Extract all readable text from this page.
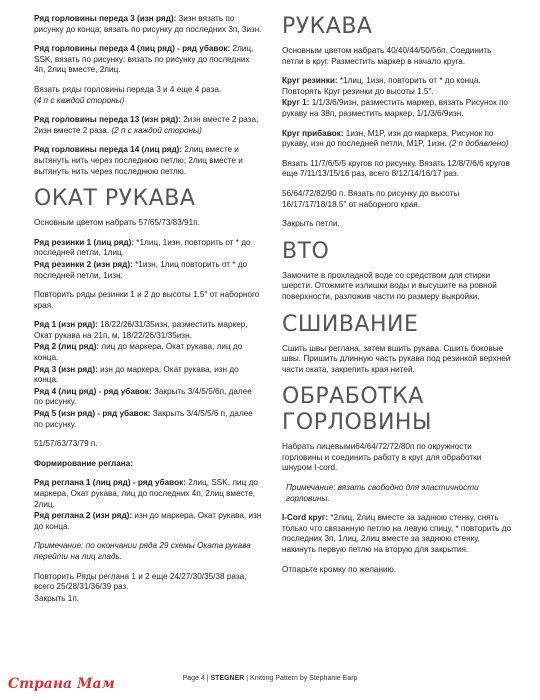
Ряд горловины переда 3 (изн ряд): 3изн вязать по рисунку до конца; вязать по рисунку до последних 3п, 3изн.

Ряд горловины переда 4 (лиц ряд) - ряд убавок: 2лиц, SSK, вязать по рисунку; вязать по рисунку до последних 4п, 2лиц вместе, 2лиц.

Вязать ряды горловины переда 3 и 4 еще 4 раза.
(4 п с каждой стороны)

Ряд горловины переда 13 (изн ряд): 2изн вместе 2 раза; 2изн вместе 2 раза. (2 п с каждой стороны)

Ряд горловины переда 14 (лиц ряд): 2лиц вместе и вытянуть нить через последнюю петлю; 2лиц вместе и вытянуть нить через последнюю петлю.

ОКАТ РУКАВА

Основным цветом набрать 57/65/73/83/91п.

Ряд резинки 1 (лиц ряд): *1лиц, 1изн, повторить от * до последней петли, 1лиц.

Ряд резинки 2 (изн ряд): *1изн, 1лиц повторить от * до последней петли, 1изн.

Повторить ряды резинки 1 и 2 до высоты 1.5" от наборного края.

Ряд 1 (изн ряд): 18/22/26/31/35изн, разместить маркер, Окат рукава на 21п, м, 18/22/26/31/35изн.

Ряд 2 (лиц ряд): лиц до маркера, Окат рукава, лиц до конца.

Ряд 3 (изн ряд): изн до маркера, Окат рукава, изн до конца.

Ряд 4 (лиц ряд) - ряд убавок: Закрыть 3/4/5/5/6п, далее по рисунку.

Ряд 5 (изн ряд) - ряд убавок: Закрыть 3/4/5/5/6 п, далее по рисунку.

51/57/63/73/79 п.

Формирование реглана:

Ряд реглана 1 (лиц ряд) - ряд убавок: 2лиц, SSK, лиц до маркера, Окат рукава, лиц до последних 4п, 2лиц вместе, 2лиц.

Ряд реглана 2 (изн ряд): изн до маркера, Окат рукава, изн до конца.

Примечание: по окончании ряда 29 схемы Оката рукава перейти на лиц гладь.

Повторить Ряды реглана 1 и 2 еще 24/27/30/35/38 раза, всего 25/28/31/36/39 раз.

Закрыть 1п.

РУКАВА

Основным цветом набрать 40/40/44/50/56п. Соединить петли в круг. Разместить маркер в начало круга.

Круг резинки: *1лиц, 1изн, повторить от * до конца. Повторять Круг резинки до высоты 1.5".

Круг 1: 1/1/3/6/9изн, разместить маркер, вязать Рисунок по рукаву на 38п, разместить маркер, 1/1/3/6/9изн.

Круг прибавок: 1изн, M1P, изн до маркера, Рисунок по рукаву, изн до последней петли, M1P, 1изн. (2 п добавлено)

Вязать 11/7/6/5/5 кругов по рисунку. Вязать 12/8/7/6/6 кругов еще 7/11/13/15/16 раз, всего 8/12/14/16/17 раз.

56/64/72/82/90 п. Вязать по рисунку до высоты 16/17/17/18/18.5" от наборного края.

Закрыть петли.

ВТО

Замочите в прохладной воде со средством для стирки шерсти. Отожмите излишки воды и высушите на ровной поверхности, разложив части по размеру выкройки.

СШИВАНИЕ

Сшить швы реглана, затем вшить рукава. Сшить боковые швы. Пришить длинную часть рукава под резинкой верхней части оката, закрепить края нитей.

ОБРАБОТКА
ГОРЛОВИНЫ

Набрать лицевыми64/64/72/72/80п по окружности горловины и соединить работу в круг для обработки шнуром I-cord.

Примечание: вязать свободно для эластичности горловины.

I-Cord круг: *2лиц, 2лиц вместе за заднюю стенку, снять только что связанную петлю на левую спицу, * повторить до последних 3п, 1лиц, 2лиц вместе за заднюю стенку, накинуть первую петлю на вторую для закрытия.

Отпарьте кромку по желанию.

Page 4 | STEGNER | Knitting Pattern by Stephanie Earp
Страна Мам
